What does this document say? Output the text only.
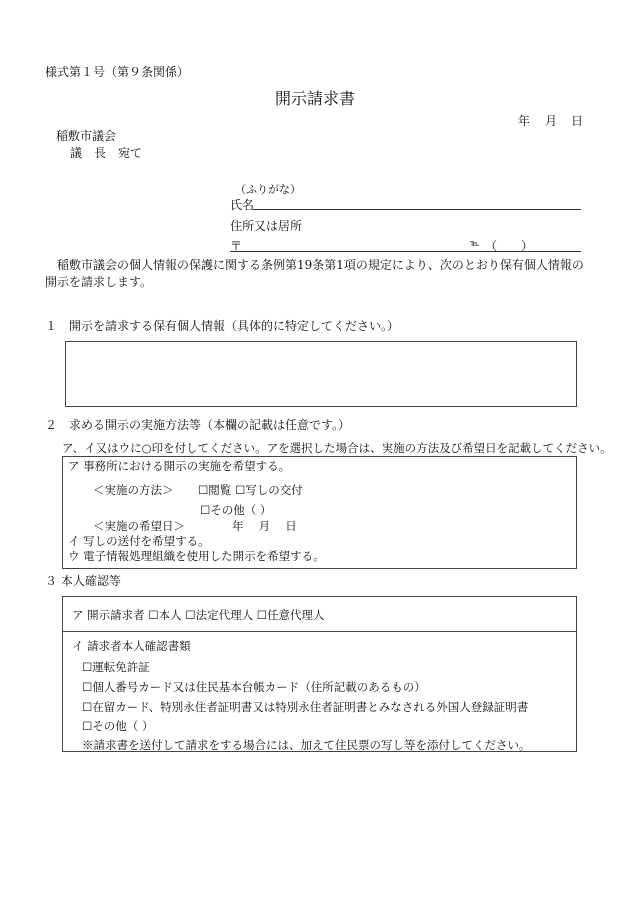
様式第１号（第９条関係）
開示請求書
年 月 日
稲敷市議会
議　長　宛て
（ふりがな）
氏名
住所又は居所
〒	℡ （　　）
　稲敷市議会の個人情報の保護に関する条例第19条第1項の規定により、次のとおり保有個人情報の
開示を請求します。
１　開示を請求する保有個人情報（具体的に特定してください。）
２　求める開示の実施方法等（本欄の記載は任意です。）
ア、イ又はウに○印を付してください。アを選択した場合は、実施の方法及び希望日を記載してください。
ア 事務所における開示の実施を希望する。
＜実施の方法＞ ☐閲覧 ☐写しの交付
☐その他（ ）
＜実施の希望日＞	年　 月　 日
イ 写しの送付を希望する。
ウ 電子情報処理組織を使用した開示を希望する。
３ 本人確認等
ア 開示請求者 ☐本人 ☐法定代理人 ☐任意代理人
イ 請求者本人確認書類
☐運転免許証
☐個人番号カード又は住民基本台帳カード（住所記載のあるもの）
☐在留カード、特別永住者証明書又は特別永住者証明書とみなされる外国人登録証明書
☐その他（ ）
※請求書を送付して請求をする場合には、加えて住民票の写し等を添付してください。
